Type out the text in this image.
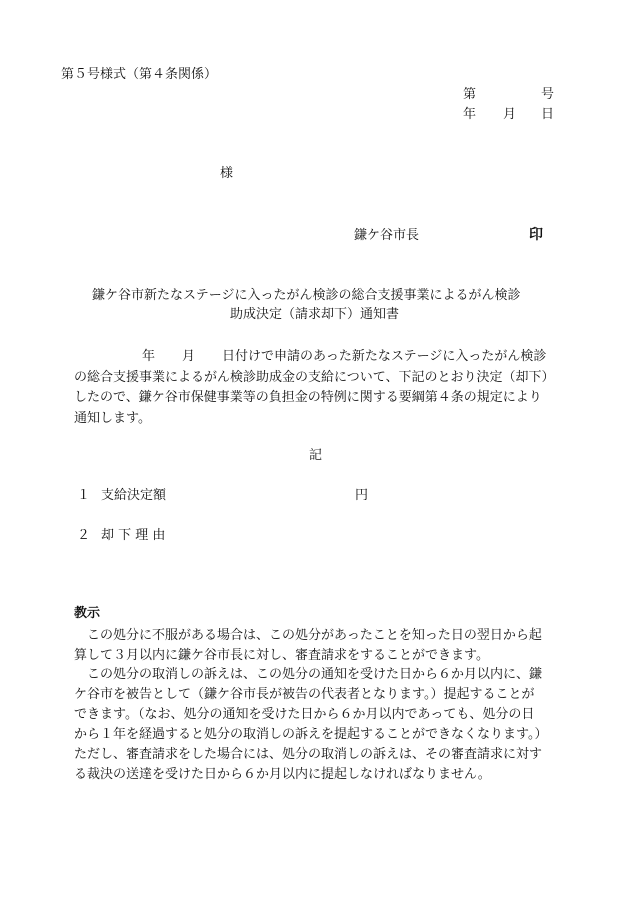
第５号様式（第４条関係）
第	号
年 月 日
様
鎌ケ谷市長	印
鎌ケ谷市新たなステージに入ったがん検診の総合支援事業によるがん検診
助成決定（請求却下）通知書
年 月 日付けで申請のあった新たなステージに入ったがん検診
の総合支援事業によるがん検診助成金の支給について、下記のとおり決定（却下）
したので、鎌ケ谷市保健事業等の負担金の特例に関する要綱第４条の規定により
通知します。
記
１ 支給決定額	円
２ 却 下 理 由
教示
　この処分に不服がある場合は、この処分があったことを知った日の翌日から起
算して３月以内に鎌ケ谷市長に対し、審査請求をすることができます。
　この処分の取消しの訴えは、この処分の通知を受けた日から６か月以内に、鎌
ケ谷市を被告として（鎌ケ谷市長が被告の代表者となります。）提起することが
できます。（なお、処分の通知を受けた日から６か月以内であっても、処分の日
から１年を経過すると処分の取消しの訴えを提起することができなくなります。）
ただし、審査請求をした場合には、処分の取消しの訴えは、その審査請求に対す
る裁決の送達を受けた日から６か月以内に提起しなければなりません。
